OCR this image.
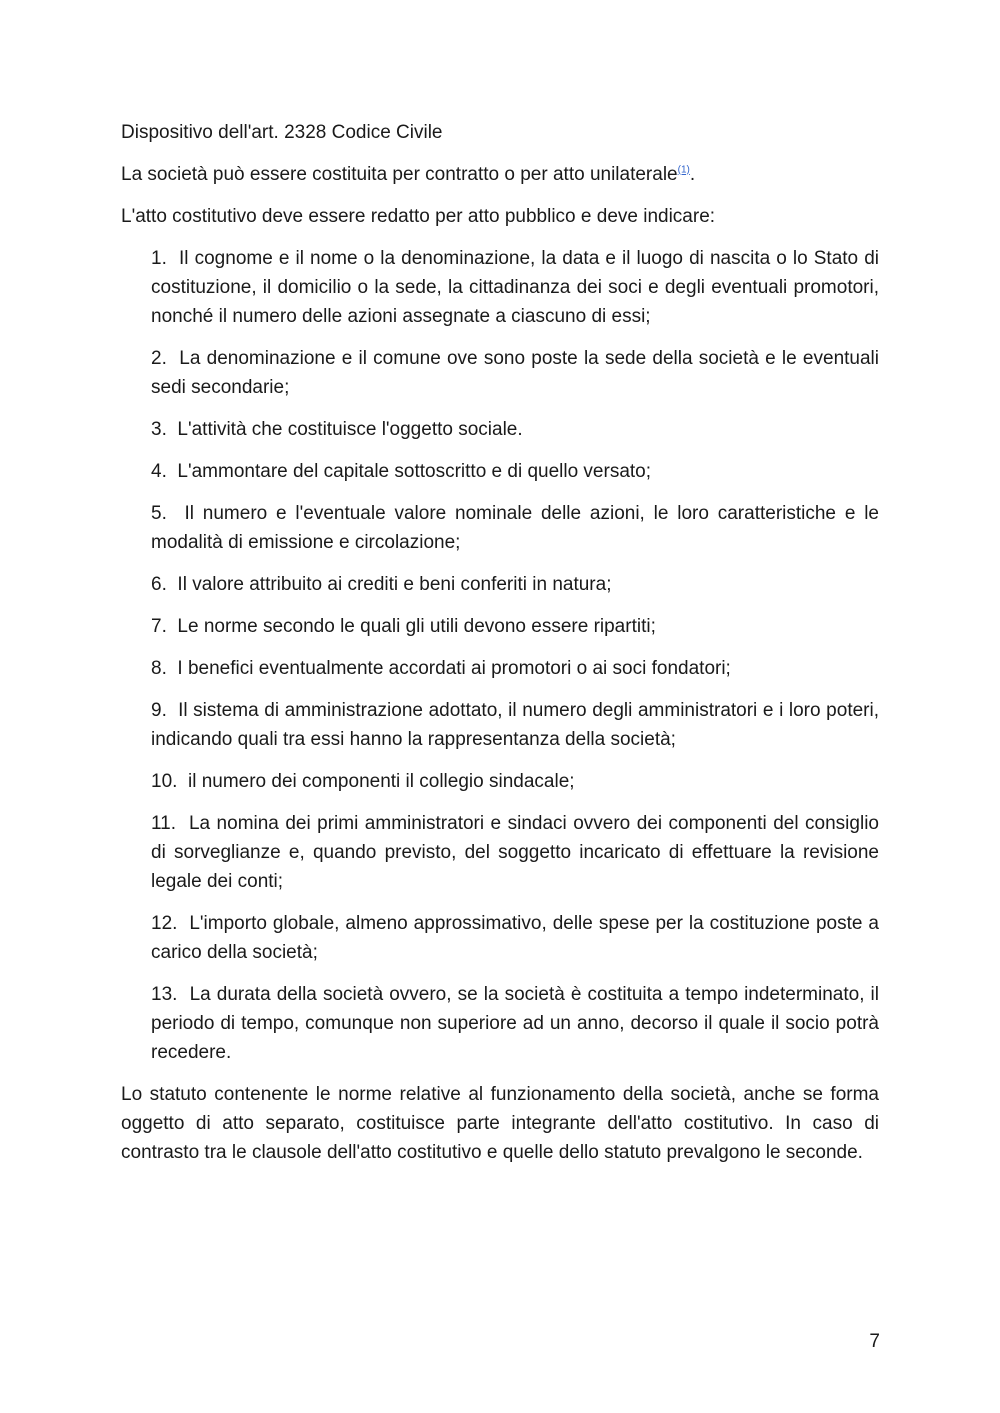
Dispositivo dell'art. 2328 Codice Civile

La società può essere costituita per contratto o per atto unilaterale$^{(1)}$.

L'atto costitutivo deve essere redatto per atto pubblico e deve indicare:

1. Il cognome e il nome o la denominazione, la data e il luogo di nascita o lo Stato di costituzione, il domicilio o la sede, la cittadinanza dei soci e degli eventuali promotori, nonché il numero delle azioni assegnate a ciascuno di essi;
2. La denominazione e il comune ove sono poste la sede della società e le eventuali sedi secondarie;
3. L'attività che costituisce l'oggetto sociale.
4. L'ammontare del capitale sottoscritto e di quello versato;
5. Il numero e l'eventuale valore nominale delle azioni, le loro caratteristiche e le modalità di emissione e circolazione;
6. Il valore attribuito ai crediti e beni conferiti in natura;
7. Le norme secondo le quali gli utili devono essere ripartiti;
8. I benefici eventualmente accordati ai promotori o ai soci fondatori;
9. Il sistema di amministrazione adottato, il numero degli amministratori e i loro poteri, indicando quali tra essi hanno la rappresentanza della società;
10. il numero dei componenti il collegio sindacale;
11. La nomina dei primi amministratori e sindaci ovvero dei componenti del consiglio di sorveglianze e, quando previsto, del soggetto incaricato di effettuare la revisione legale dei conti;
12. L'importo globale, almeno approssimativo, delle spese per la costituzione poste a carico della società;
13. La durata della società ovvero, se la società è costituita a tempo indeterminato, il periodo di tempo, comunque non superiore ad un anno, decorso il quale il socio potrà recedere.

Lo statuto contenente le norme relative al funzionamento della società, anche se forma oggetto di atto separato, costituisce parte integrante dell'atto costitutivo. In caso di contrasto tra le clausole dell'atto costitutivo e quelle dello statuto prevalgono le seconde.

7
